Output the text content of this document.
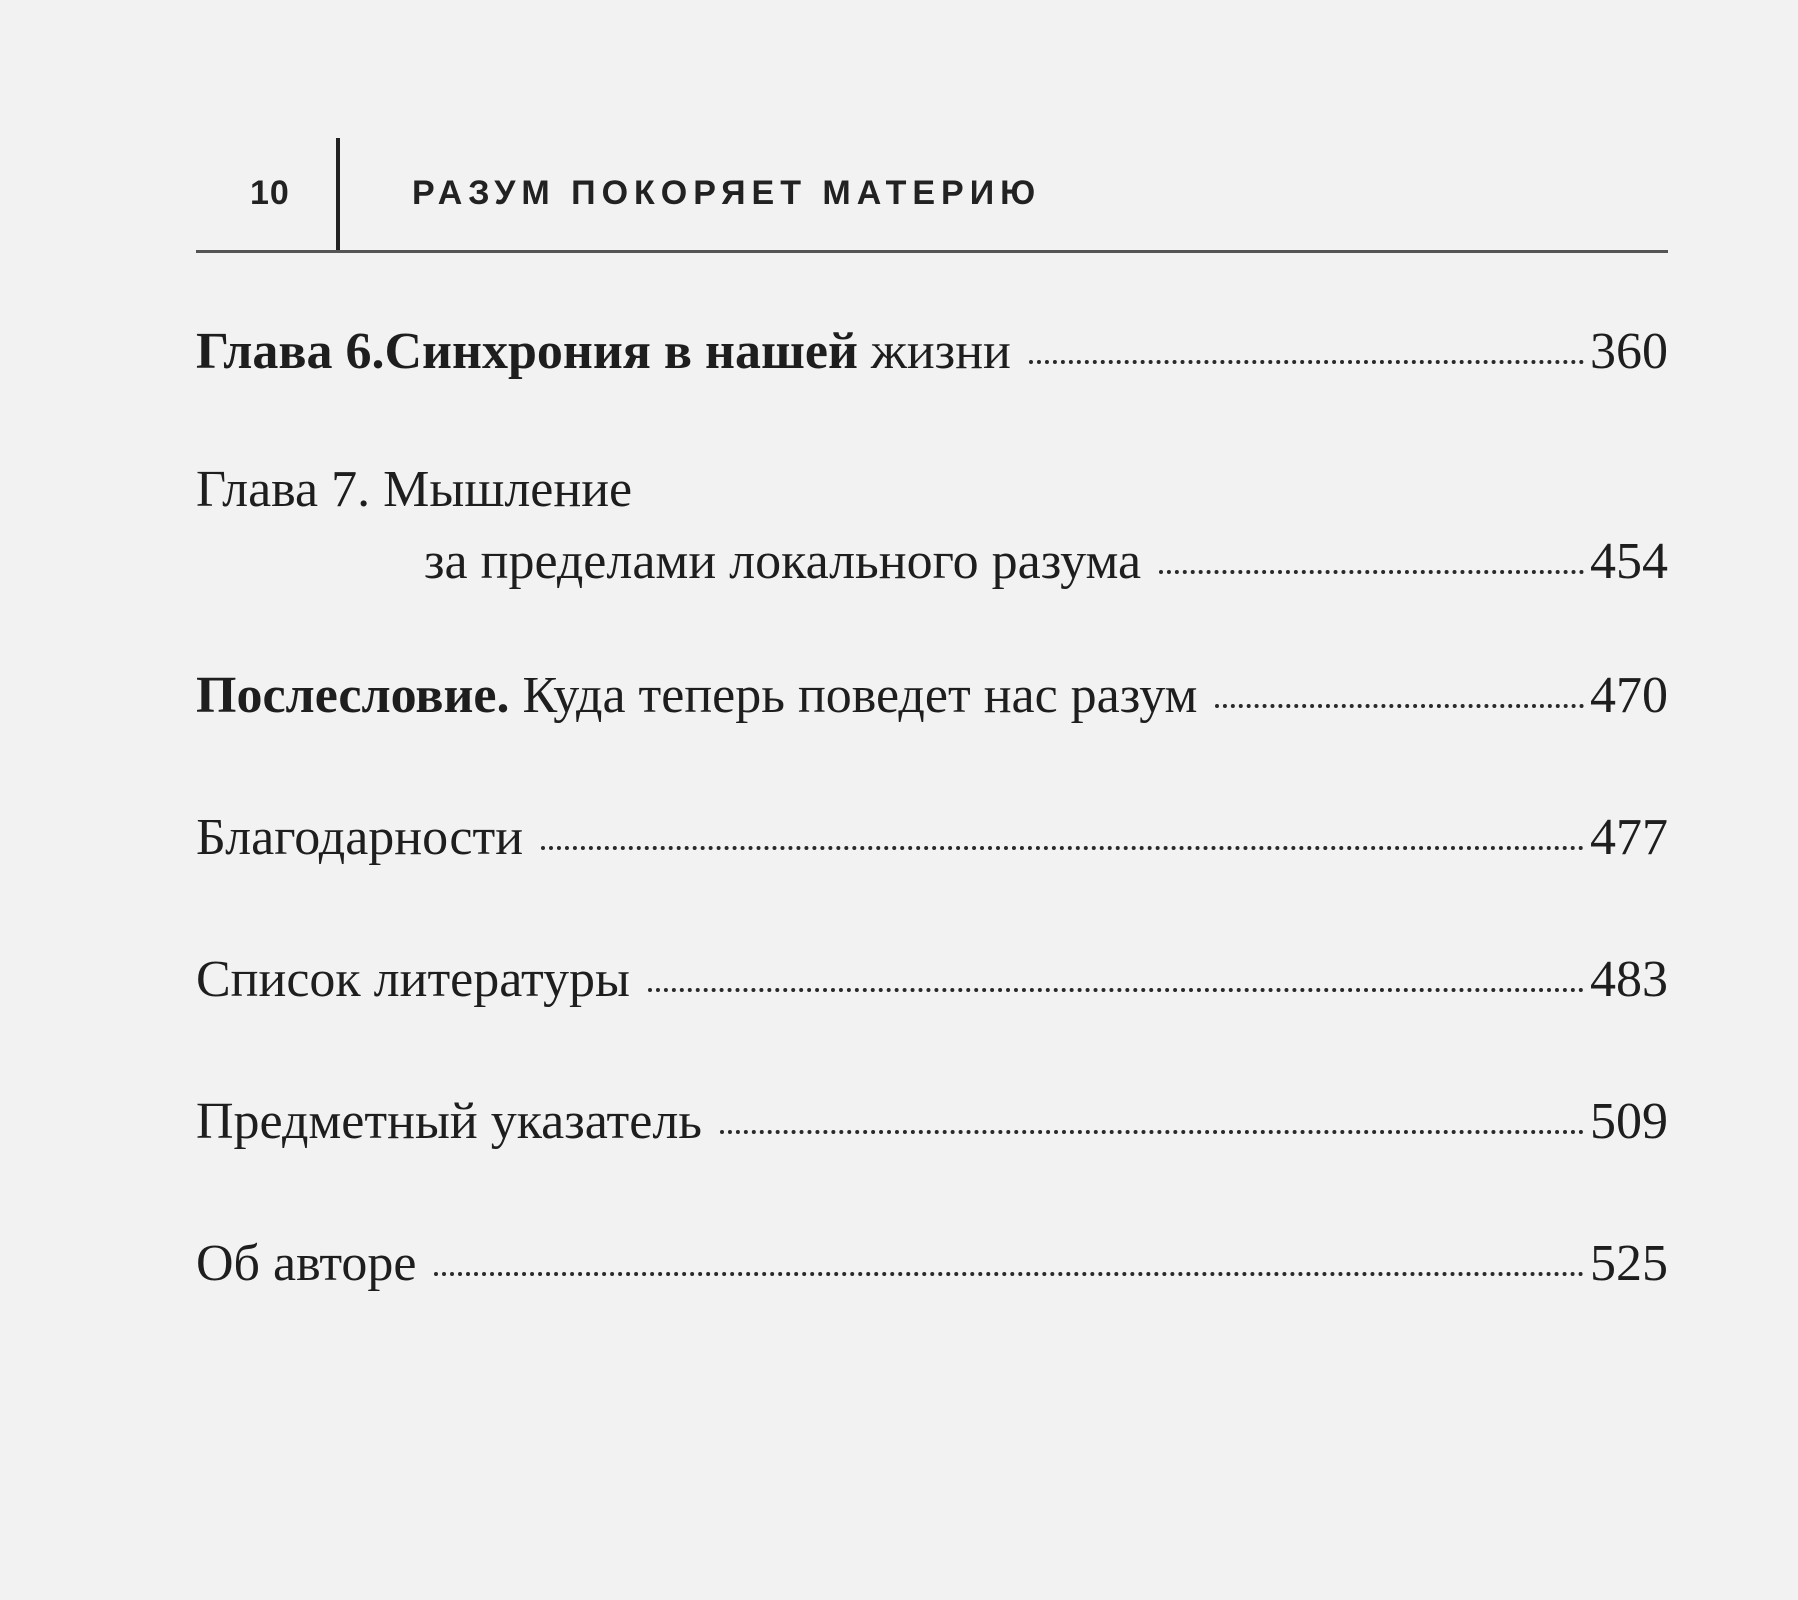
10	РАЗУМ ПОКОРЯЕТ МАТЕРИЮ
Глава 6.Синхрония в нашей жизни	360
Глава 7. Мышление
за пределами локального разума	454
Послесловие. Куда теперь поведет нас разум	470
Благодарности	477
Список литературы	483
Предметный указатель	509
Об авторе	525
